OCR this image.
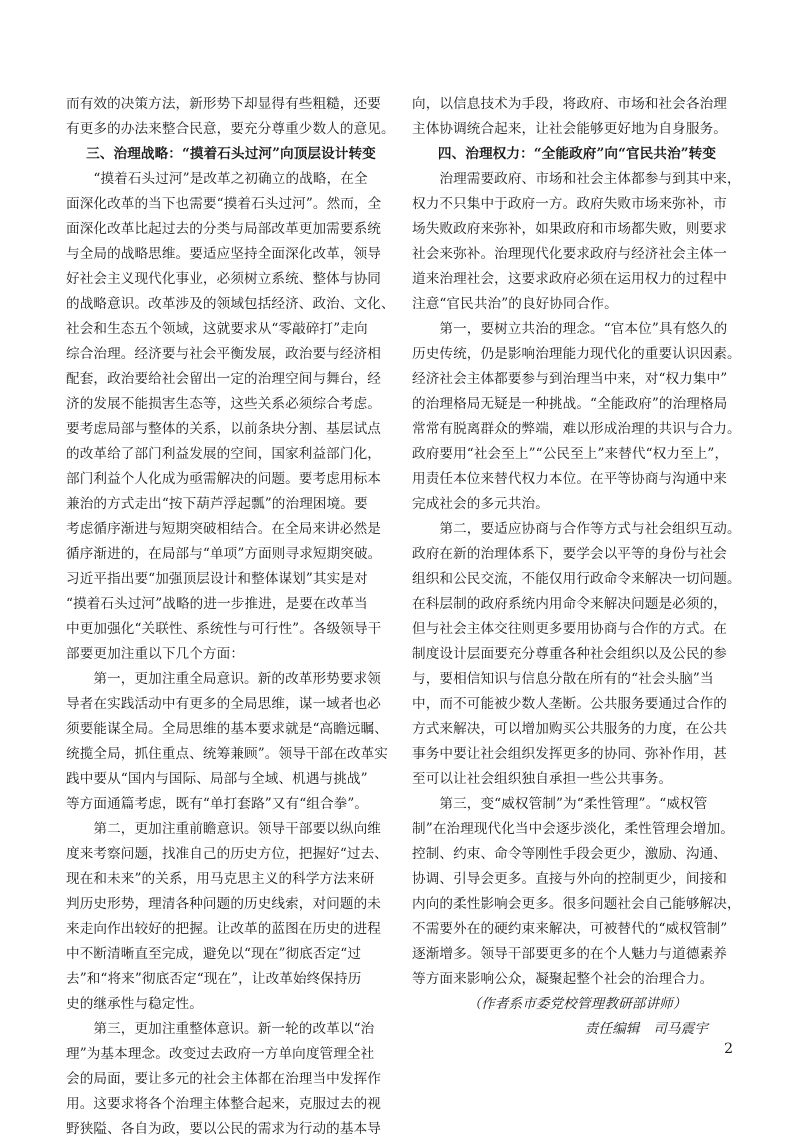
而有效的决策方法，新形势下却显得有些粗糙，还要
有更多的办法来整合民意，要充分尊重少数人的意见。
三、治理战略：“摸着石头过河”向顶层设计转变
　　“摸着石头过河”是改革之初确立的战略，在全
面深化改革的当下也需要“摸着石头过河”。然而，全
面深化改革比起过去的分类与局部改革更加需要系统
与全局的战略思维。要适应坚持全面深化改革，领导
好社会主义现代化事业，必须树立系统、整体与协同
的战略意识。改革涉及的领域包括经济、政治、文化、
社会和生态五个领域，这就要求从“零敲碎打”走向
综合治理。经济要与社会平衡发展，政治要与经济相
配套，政治要给社会留出一定的治理空间与舞台，经
济的发展不能损害生态等，这些关系必须综合考虑。
要考虑局部与整体的关系，以前条块分割、基层试点
的改革给了部门利益发展的空间，国家利益部门化，
部门利益个人化成为亟需解决的问题。要考虑用标本
兼治的方式走出“按下葫芦浮起瓢”的治理困境。要
考虑循序渐进与短期突破相结合。在全局来讲必然是
循序渐进的，在局部与“单项”方面则寻求短期突破。
习近平指出要“加强顶层设计和整体谋划”其实是对
“摸着石头过河”战略的进一步推进，是要在改革当
中更加强化“关联性、系统性与可行性”。各级领导干
部要更加注重以下几个方面：
　　第一，更加注重全局意识。新的改革形势要求领
导者在实践活动中有更多的全局思维，谋一域者也必
须要能谋全局。全局思维的基本要求就是“高瞻远瞩、
统揽全局，抓住重点、统筹兼顾”。领导干部在改革实
践中要从“国内与国际、局部与全域、机遇与挑战”
等方面通篇考虑，既有“单打套路”又有“组合拳”。
　　第二，更加注重前瞻意识。领导干部要以纵向维
度来考察问题，找准自己的历史方位，把握好“过去、
现在和未来”的关系，用马克思主义的科学方法来研
判历史形势，理清各种问题的历史线索，对问题的未
来走向作出较好的把握。让改革的蓝图在历史的进程
中不断清晰直至完成，避免以“现在”彻底否定“过
去”和“将来”彻底否定“现在”，让改革始终保持历
史的继承性与稳定性。
　　第三，更加注重整体意识。新一轮的改革以“治
理”为基本理念。改变过去政府一方单向度管理全社
会的局面，要让多元的社会主体都在治理当中发挥作
用。这要求将各个治理主体整合起来，克服过去的视
野狭隘、各自为政，要以公民的需求为行动的基本导
向，以信息技术为手段，将政府、市场和社会各治理
主体协调统合起来，让社会能够更好地为自身服务。
四、治理权力：“全能政府”向“官民共治”转变
　　治理需要政府、市场和社会主体都参与到其中来，
权力不只集中于政府一方。政府失败市场来弥补，市
场失败政府来弥补，如果政府和市场都失败，则要求
社会来弥补。治理现代化要求政府与经济社会主体一
道来治理社会，这要求政府必须在运用权力的过程中
注意“官民共治”的良好协同合作。
　　第一，要树立共治的理念。“官本位”具有悠久的
历史传统，仍是影响治理能力现代化的重要认识因素。
经济社会主体都要参与到治理当中来，对“权力集中”
的治理格局无疑是一种挑战。“全能政府”的治理格局
常常有脱离群众的弊端，难以形成治理的共识与合力。
政府要用“社会至上”“公民至上”来替代“权力至上”，
用责任本位来替代权力本位。在平等协商与沟通中来
完成社会的多元共治。
　　第二，要适应协商与合作等方式与社会组织互动。
政府在新的治理体系下，要学会以平等的身份与社会
组织和公民交流，不能仅用行政命令来解决一切问题。
在科层制的政府系统内用命令来解决问题是必须的，
但与社会主体交往则更多要用协商与合作的方式。在
制度设计层面要充分尊重各种社会组织以及公民的参
与，要相信知识与信息分散在所有的“社会头脑”当
中，而不可能被少数人垄断。公共服务要通过合作的
方式来解决，可以增加购买公共服务的力度，在公共
事务中要让社会组织发挥更多的协同、弥补作用，甚
至可以让社会组织独自承担一些公共事务。
　　第三，变“威权管制”为“柔性管理”。“威权管
制”在治理现代化当中会逐步淡化，柔性管理会增加。
控制、约束、命令等刚性手段会更少，激励、沟通、
协调、引导会更多。直接与外向的控制更少，间接和
内向的柔性影响会更多。很多问题社会自己能够解决，
不需要外在的硬约束来解决，可被替代的“威权管制”
逐渐增多。领导干部要更多的在个人魅力与道德素养
等方面来影响公众，凝聚起整个社会的治理合力。
（作者系市委党校管理教研部讲师）
责任编辑　司马震宇
2
